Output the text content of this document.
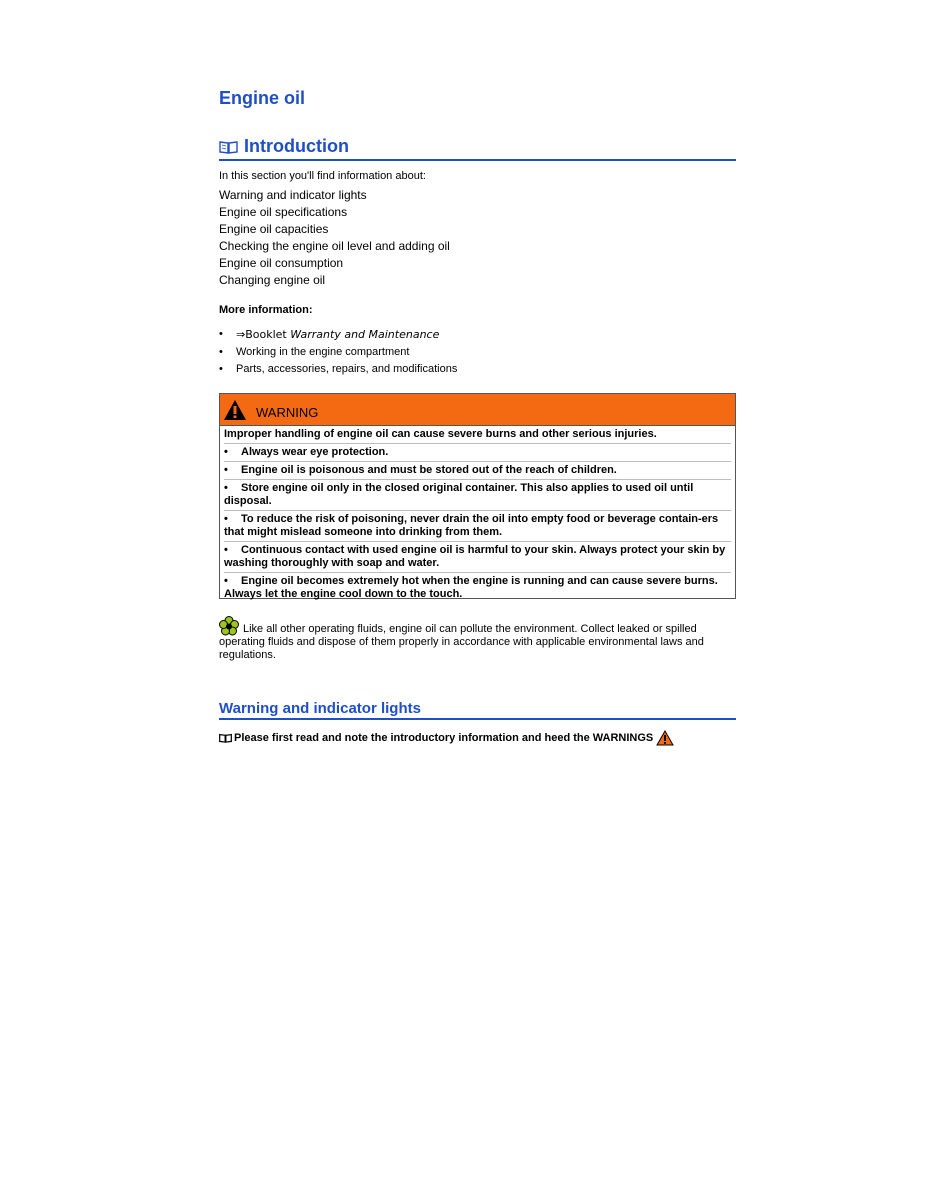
Engine oil
Introduction
In this section you'll find information about:
Warning and indicator lights
Engine oil specifications
Engine oil capacities
Checking the engine oil level and adding oil
Engine oil consumption
Changing engine oil
More information:
• ⇒Booklet Warranty and Maintenance
• Working in the engine compartment
• Parts, accessories, repairs, and modifications
WARNING
Improper handling of engine oil can cause severe burns and other serious injuries.
• Always wear eye protection.
• Engine oil is poisonous and must be stored out of the reach of children.
• Store engine oil only in the closed original container. This also applies to used oil until disposal.
• To reduce the risk of poisoning, never drain the oil into empty food or beverage contain-ers that might mislead someone into drinking from them.
• Continuous contact with used engine oil is harmful to your skin. Always protect your skin by washing thoroughly with soap and water.
• Engine oil becomes extremely hot when the engine is running and can cause severe burns. Always let the engine cool down to the touch.
Like all other operating fluids, engine oil can pollute the environment. Collect leaked or spilled operating fluids and dispose of them properly in accordance with applicable environmental laws and regulations.
Warning and indicator lights
Please first read and note the introductory information and heed the WARNINGS
